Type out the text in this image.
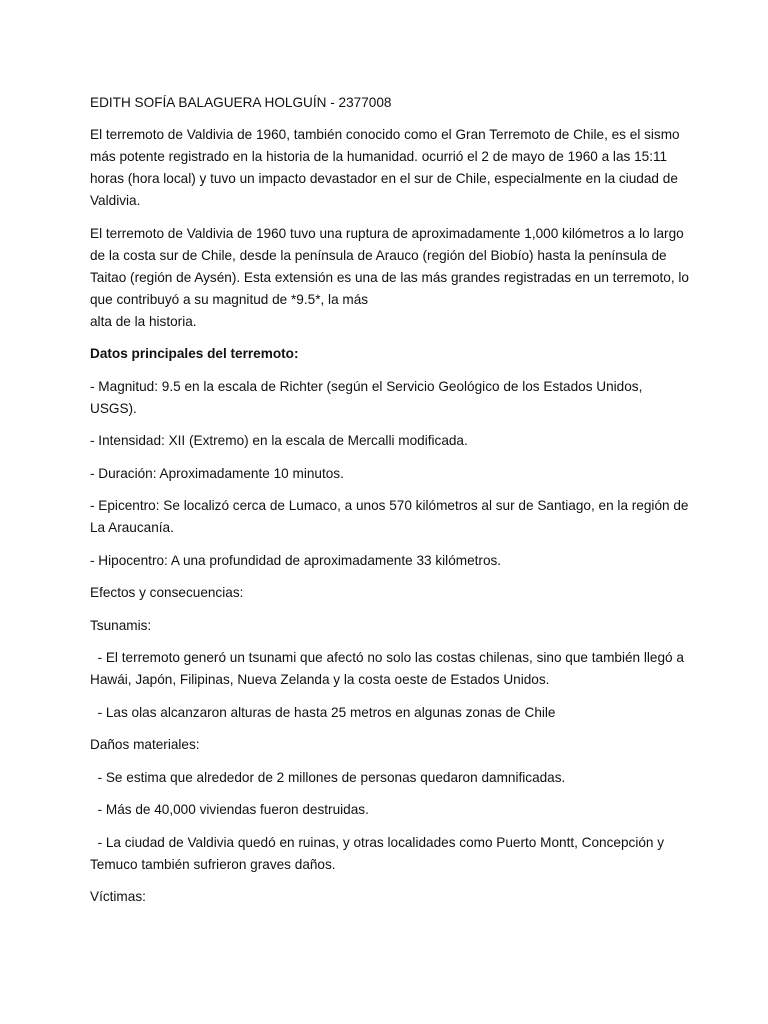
EDITH SOFÍA BALAGUERA HOLGUÍN - 2377008

El terremoto de Valdivia de 1960, también conocido como el Gran Terremoto de Chile, es el sismo más potente registrado en la historia de la humanidad. ocurrió el 2 de mayo de 1960 a las 15:11 horas (hora local) y tuvo un impacto devastador en el sur de Chile, especialmente en la ciudad de Valdivia.

El terremoto de Valdivia de 1960 tuvo una ruptura de aproximadamente 1,000 kilómetros a lo largo de la costa sur de Chile, desde la península de Arauco (región del Biobío) hasta la península de Taitao (región de Aysén). Esta extensión es una de las más grandes registradas en un terremoto, lo que contribuyó a su magnitud de *9.5*, la más
alta de la historia.

Datos principales del terremoto:

- Magnitud: 9.5 en la escala de Richter (según el Servicio Geológico de los Estados Unidos, USGS).

- Intensidad: XII (Extremo) en la escala de Mercalli modificada.

- Duración: Aproximadamente 10 minutos.

- Epicentro: Se localizó cerca de Lumaco, a unos 570 kilómetros al sur de Santiago, en la región de La Araucanía.

- Hipocentro: A una profundidad de aproximadamente 33 kilómetros.

Efectos y consecuencias:

Tsunamis:

- El terremoto generó un tsunami que afectó no solo las costas chilenas, sino que también llegó a Hawái, Japón, Filipinas, Nueva Zelanda y la costa oeste de Estados Unidos.

- Las olas alcanzaron alturas de hasta 25 metros en algunas zonas de Chile

Daños materiales:

- Se estima que alrededor de 2 millones de personas quedaron damnificadas.

- Más de 40,000 viviendas fueron destruidas.

- La ciudad de Valdivia quedó en ruinas, y otras localidades como Puerto Montt, Concepción y Temuco también sufrieron graves daños.

Víctimas:
